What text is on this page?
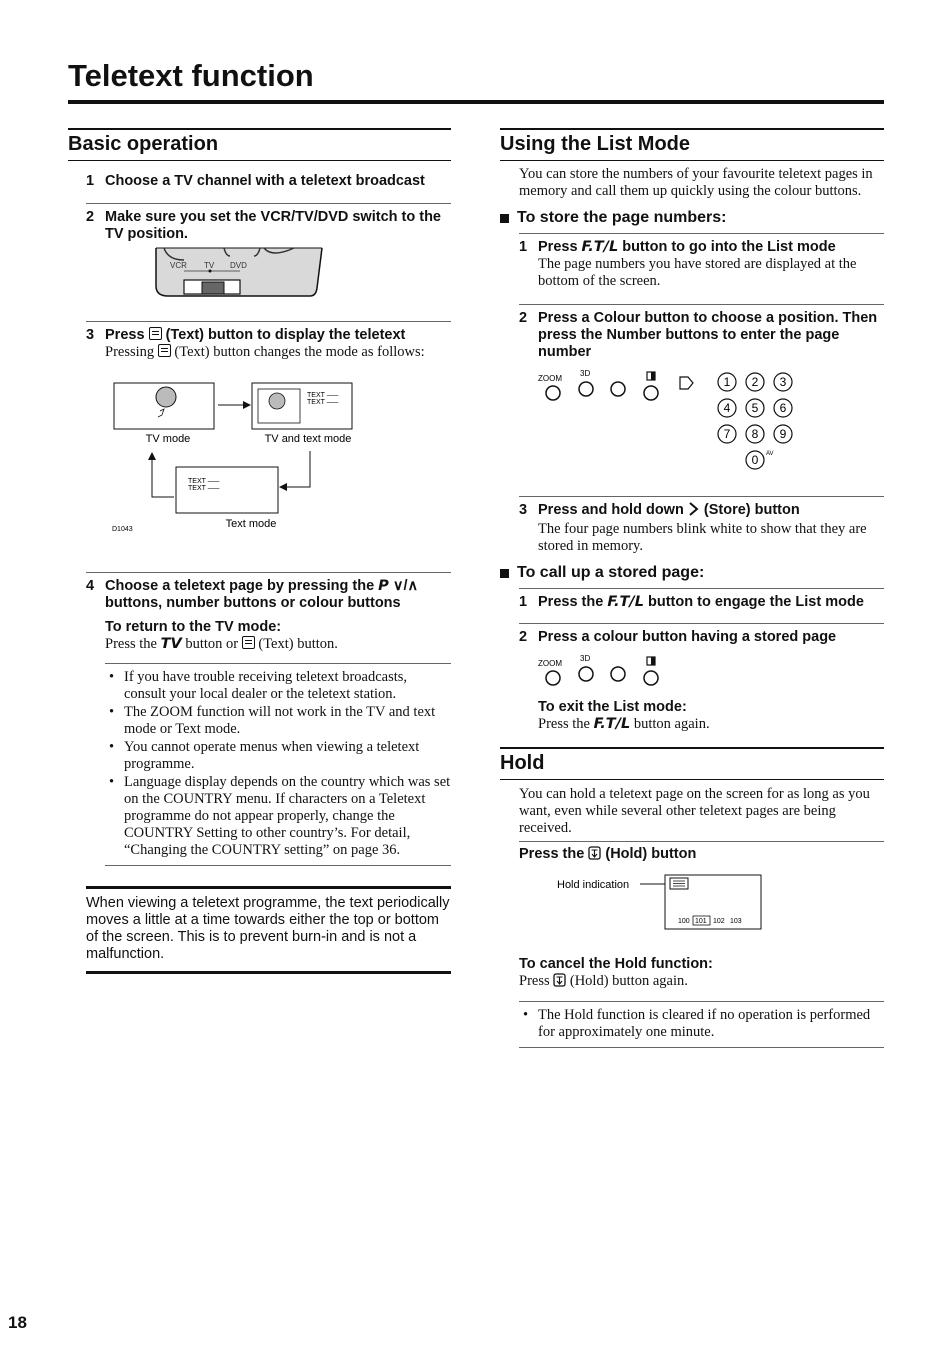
Teletext function
Basic operation
1 Choose a TV channel with a teletext broadcast
2 Make sure you set the VCR/TV/DVD switch to the TV position.
VCR TV DVD
3 Press (Text) button to display the teletext
Pressing (Text) button changes the mode as follows:
TV mode
TEXT –––
TEXT –––
TV and text mode
TEXT –––
TEXT –––
Text mode
D1043
4 Choose a teletext page by pressing the P ∨/∧ buttons, number buttons or colour buttons
To return to the TV mode:
Press the TV button or (Text) button.
• If you have trouble receiving teletext broadcasts, consult your local dealer or the teletext station.
• The ZOOM function will not work in the TV and text mode or Text mode.
• You cannot operate menus when viewing a teletext programme.
• Language display depends on the country which was set on the COUNTRY menu. If characters on a Teletext programme do not appear properly, change the COUNTRY Setting to other country’s. For detail, “Changing the COUNTRY setting” on page 36.
When viewing a teletext programme, the text periodically moves a little at a time towards either the top or bottom of the screen. This is to prevent burn-in and is not a malfunction.
Using the List Mode
You can store the numbers of your favourite teletext pages in memory and call them up quickly using the colour buttons.
To store the page numbers:
1 Press F.T/L button to go into the List mode
The page numbers you have stored are displayed at the bottom of the screen.
2 Press a Colour button to choose a position. Then press the Number buttons to enter the page number
ZOOM
3D
1 2 3
4 5 6
7 8 9
0 AV
3 Press and hold down (Store) button
The four page numbers blink white to show that they are stored in memory.
To call up a stored page:
1 Press the F.T/L button to engage the List mode
2 Press a colour button having a stored page
ZOOM
3D
To exit the List mode:
Press the F.T/L button again.
Hold
You can hold a teletext page on the screen for as long as you want, even while several other teletext pages are being received.
Press the (Hold) button
Hold indication
100 101 102 103
To cancel the Hold function:
Press (Hold) button again.
• The Hold function is cleared if no operation is performed for approximately one minute.
18
